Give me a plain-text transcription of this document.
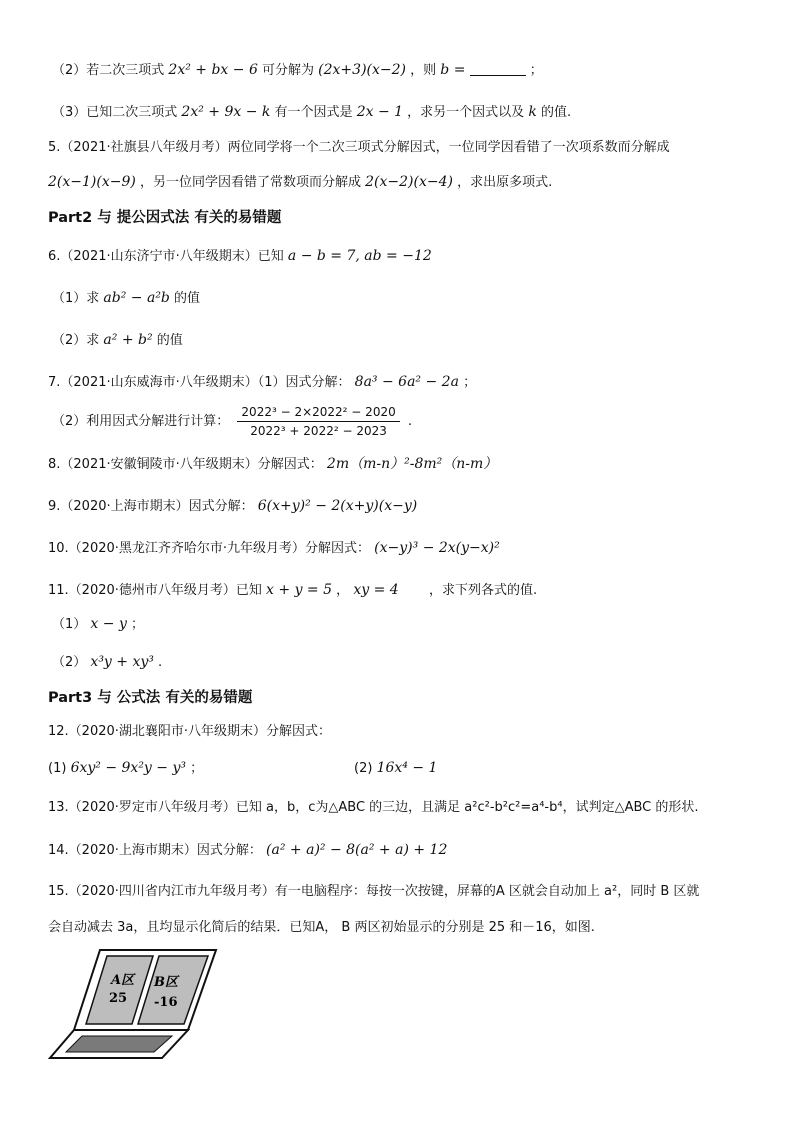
（2）若二次三项式 2x² + bx − 6 可分解为 (2x+3)(x−2) ，则 b =	；
（3）已知二次三项式 2x² + 9x − k 有一个因式是 2x − 1 ，求另一个因式以及 k 的值.
5.（2021·社旗县八年级月考）两位同学将一个二次三项式分解因式，一位同学因看错了一次项系数而分解成
2(x−1)(x−9) ，另一位同学因看错了常数项而分解成 2(x−2)(x−4) ，求出原多项式.
Part2 与 提公因式法 有关的易错题
6.（2021·山东济宁市·八年级期末）已知 a − b = 7, ab = −12
（1）求 ab² − a²b 的值
（2）求 a² + b² 的值
7.（2021·山东威海市·八年级期末）（1）因式分解： 8a³ − 6a² − 2a ；
（2）利用因式分解进行计算： $\frac{\text{2022³ − 2×2022² − 2020}}{\text{2022³ + 2022² − 2023}}$ .
8.（2021·安徽铜陵市·八年级期末）分解因式： 2m（m-n）²-8m²（n-m）
9.（2020·上海市期末）因式分解： 6(x+y)² − 2(x+y)(x−y)
10.（2020·黑龙江齐齐哈尔市·九年级月考）分解因式： (x−y)³ − 2x(y−x)²
11.（2020·德州市八年级月考）已知 x + y = 5 ， xy = 4 ，求下列各式的值.
（1） x − y ；
（2） x³y + xy³ .
Part3 与 公式法 有关的易错题
12.（2020·湖北襄阳市·八年级期末）分解因式：
(1) 6xy² − 9x²y − y³ ；	(2) 16x⁴ − 1
13.（2020·罗定市八年级月考）已知 a，b，c为△ABC 的三边，且满足 a²c²-b²c²=a⁴-b⁴，试判定△ABC 的形状.
14.（2020·上海市期末）因式分解： (a² + a)² − 8(a² + a) + 12
15.（2020·四川省内江市九年级月考）有一电脑程序：每按一次按键，屏幕的A 区就会自动加上 a²，同时 B 区就
会自动减去 3a，且均显示化简后的结果．已知A， B 两区初始显示的分别是 25 和－16，如图.
A区
25
B区
-16
